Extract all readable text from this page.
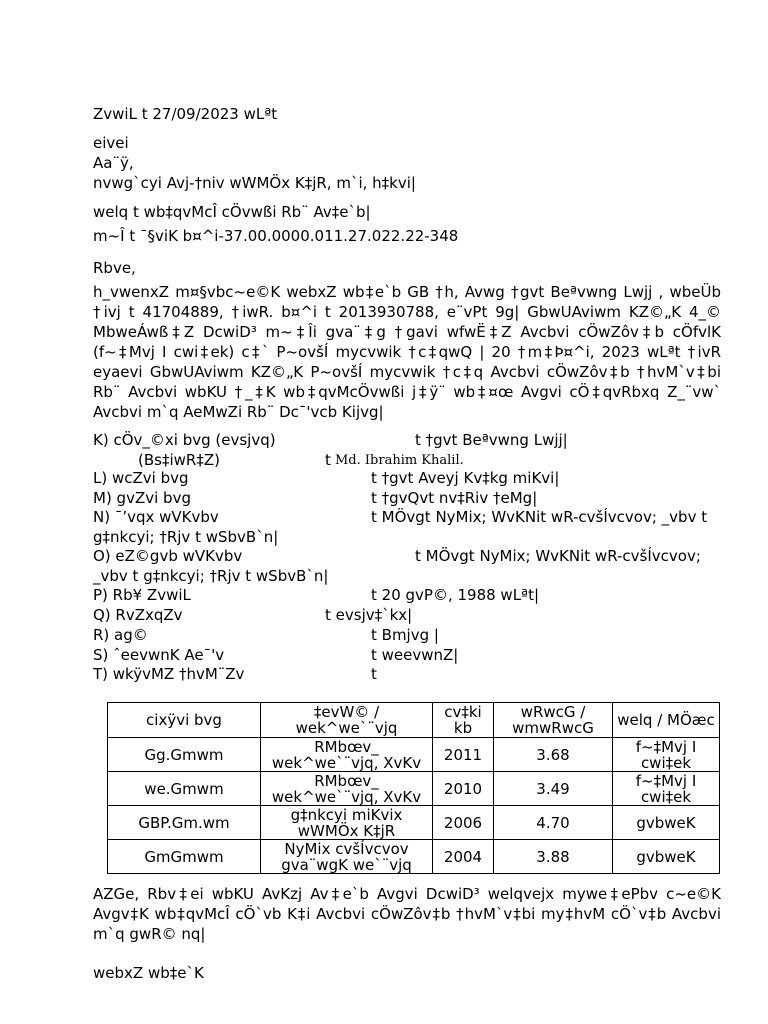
ZvwiL t 27/09/2023 wLªt
eivei
Aa¨ÿ,
nvwg`cyi Avj-†niv wWMÖx K‡jR, m`i, h‡kvi|
welq t wb‡qvMcÎ cÖvwßi Rb¨ Av‡e`b|
m~Î t ¯§viK b¤^i-37.00.0000.011.27.022.22-348
Rbve,
h_vwenxZ m¤§vbc~e©K webxZ wb‡e`b GB †h, Avwg †gvt Beªvwng Lwjj , wbeÜb
†ivj t 41704889, †iwR. b¤^i t 2013930788, e¨vPt 9g| GbwUAviwm KZ©„K 4_©
MbweÁwß‡Z DcwiD³ m~‡Îi gva¨‡g †gavi wfwË‡Z Avcbvi cÖwZôv‡b cÖfvlK
(f~‡Mvj I cwi‡ek) c‡` P~ovšÍ mycvwik †c‡qwQ | 20 †m‡Þ¤^i, 2023 wLªt †ivR
eyaevi GbwUAviwm KZ©„K P~ovšÍ mycvwik †c‡q Avcbvi cÖwZôv‡b †hvM`v‡bi
Rb¨ Avcbvi wbKU †_‡K wb‡qvMcÖvwßi j‡ÿ¨ wb‡¤œ Avgvi cÖ‡qvRbxq Z_¨vw`
Avcbvi m`q AeMwZi Rb¨ Dc¯'vcb Kijvg|
K) cÖv_©xi bvg (evsjvq)	t †gvt Beªvwng Lwjj|
(Bs‡iwR‡Z)	t Md. Ibrahim Khalil.
L) wcZvi bvg	t †gvt Aveyj Kv‡kg miKvi|
M) gvZvi bvg	t †gvQvt nv‡Riv †eMg|
N) ¯’vqx wVKvbv	t MÖvgt NyMix; WvKNit wR-cvšÍvcvov; _vbv t
g‡nkcyi; †Rjv t wSbvB`n|
O) eZ©gvb wVKvbv	t MÖvgt NyMix; WvKNit wR-cvšÍvcvov;
_vbv t g‡nkcyi; †Rjv t wSbvB`n|
P) Rb¥ ZvwiL	t 20 gvP©, 1988 wLªt|
Q) RvZxqZv	t evsjv‡`kx|
R) ag©	t Bmjvg |
S) ˆeevwnK Ae¯'v	t weevwnZ|
T) wkÿvMZ †hvM¨Zv	t
cixÿvi bvg	‡evW© / wek^we`¨vjq	cv‡ki kb	wRwcG / wmwRwcG	welq / MÖæc
Gg.Gmwm	RMbœv_ wek^we`¨vjq, XvKv	2011	3.68	f~‡Mvj I cwi‡ek
we.Gmwm	RMbœv_ wek^we`¨vjq, XvKv	2010	3.49	f~‡Mvj I cwi‡ek
GBP.Gm.wm	g‡nkcyi miKvix wWMÖx K‡jR	2006	4.70	gvbweK
GmGmwm	NyMix cvšÍvcvov gva¨wgK we`¨vjq	2004	3.88	gvbweK
AZGe, Rbv‡ei wbKU AvKzj Av‡e`b Avgvi DcwiD³ welqvejx mywe‡ePbv c~e©K
Avgv‡K wb‡qvMcÎ cÖ`vb K‡i Avcbvi cÖwZôv‡b †hvM`v‡bi my‡hvM cÖ`v‡b Avcbvi
m`q gwR© nq|
webxZ wb‡e`K
